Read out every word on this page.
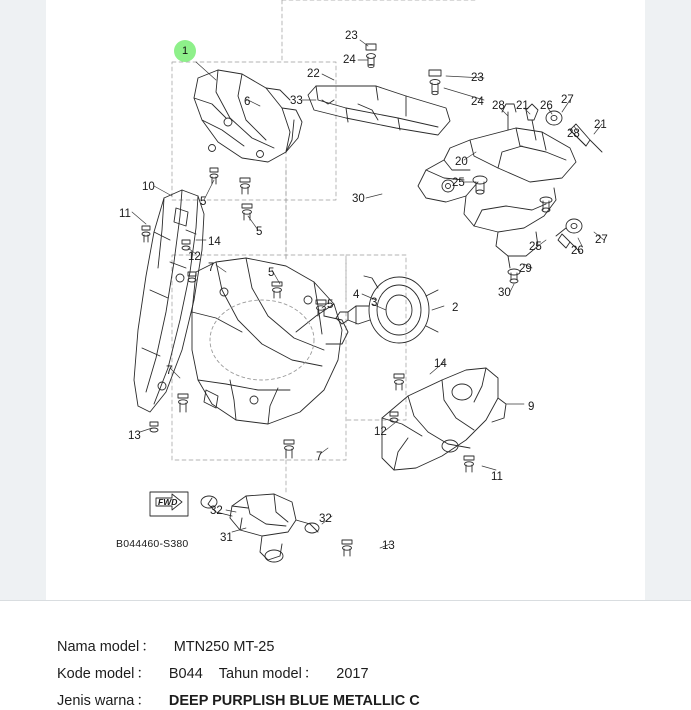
1
23
24
22	23
24
33	28 21 26 27
28
21
6
20
10
5
25
30
11
5
14
12
25
27
26
7	5	29
30
4
3	2
5
14
7
9
12
13
7
11
32
32
31
13
FWD
B044460-S380
Nama model ： MTN250 MT-25
Kode model ： B044 Tahun model ： 2017
Jenis warna ： DEEP PURPLISH BLUE METALLIC C
